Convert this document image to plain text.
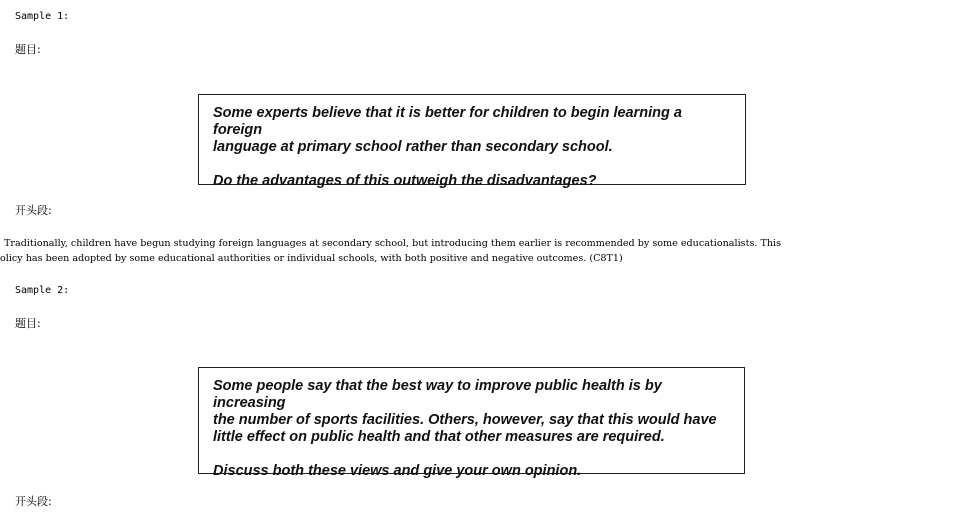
Sample 1:
题目:

Some experts believe that it is better for children to begin learning a foreign

language at primary school rather than secondary school.

Do the advantages of this outweigh the disadvantages?

开头段:
Traditionally, children have begun studying foreign languages at secondary school, but introducing them earlier is recommended by some educationalists. This
olicy has been adopted by some educational authorities or individual schools, with both positive and negative outcomes. (C8T1)
Sample 2:
题目:

Some people say that the best way to improve public health is by increasing

the number of sports facilities. Others, however, say that this would have

little effect on public health and that other measures are required.

Discuss both these views and give your own opinion.

开头段:
